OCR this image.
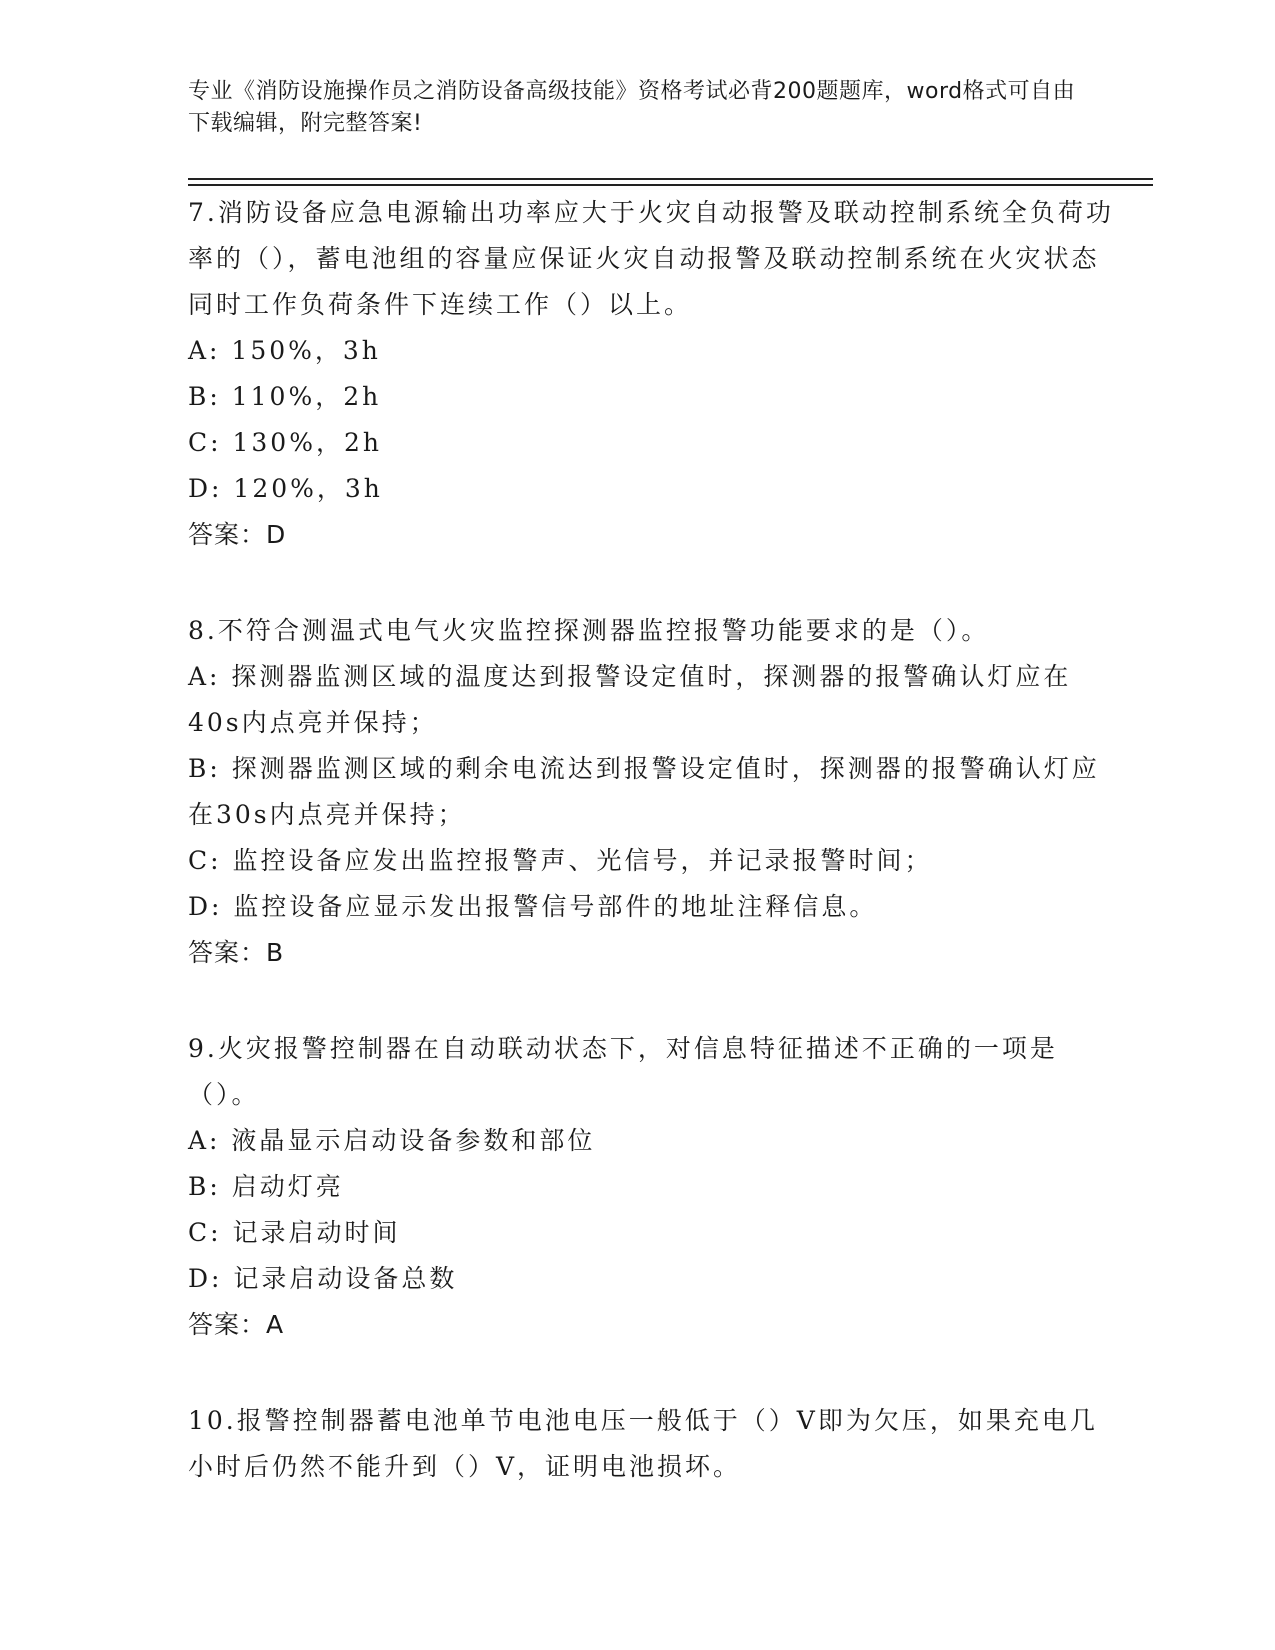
专业《消防设施操作员之消防设备高级技能》资格考试必背200题题库，word格式可自由下载编辑，附完整答案!

7.消防设备应急电源输出功率应大于火灾自动报警及联动控制系统全负荷功率的（），蓄电池组的容量应保证火灾自动报警及联动控制系统在火灾状态同时工作负荷条件下连续工作（）以上。

A: 150%，3h

B: 110%，2h

C: 130%，2h

D: 120%，3h

答案：D

8.不符合测温式电气火灾监控探测器监控报警功能要求的是（）。

A: 探测器监测区域的温度达到报警设定值时，探测器的报警确认灯应在40s内点亮并保持；

B: 探测器监测区域的剩余电流达到报警设定值时，探测器的报警确认灯应在30s内点亮并保持；

C: 监控设备应发出监控报警声、光信号，并记录报警时间；

D: 监控设备应显示发出报警信号部件的地址注释信息。

答案：B

9.火灾报警控制器在自动联动状态下，对信息特征描述不正确的一项是（）。

A: 液晶显示启动设备参数和部位

B: 启动灯亮

C: 记录启动时间

D: 记录启动设备总数

答案：A

10.报警控制器蓄电池单节电池电压一般低于（）V即为欠压，如果充电几小时后仍然不能升到（）V，证明电池损坏。
